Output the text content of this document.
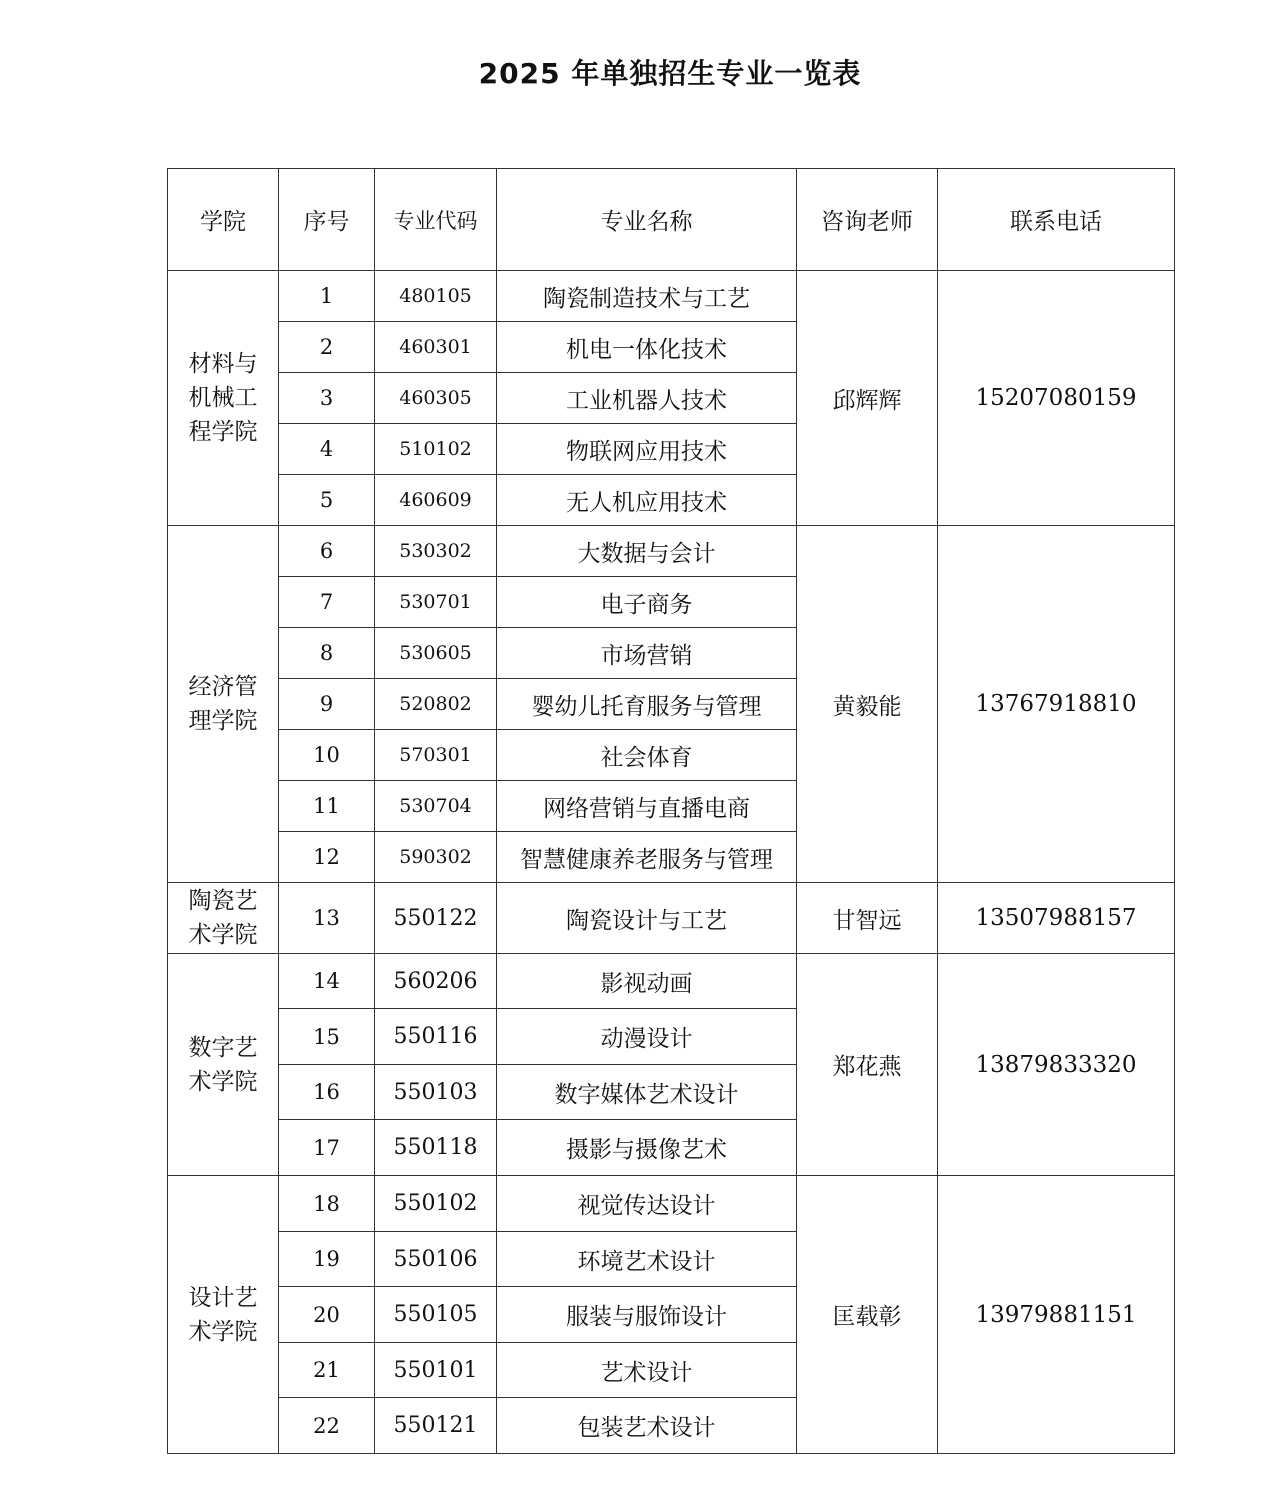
2025 年单独招生专业一览表
学院	序号	专业代码	专业名称	咨询老师	联系电话

材料与
机械工
程学院	1	480105	陶瓷制造技术与工艺	邱辉辉	15207080159
	2	460301	机电一体化技术		
	3	460305	工业机器人技术		
	4	510102	物联网应用技术		
	5	460609	无人机应用技术		

经济管
理学院	6	530302	大数据与会计	黄毅能	13767918810
	7	530701	电子商务		
	8	530605	市场营销		
	9	520802	婴幼儿托育服务与管理		
	10	570301	社会体育		
	11	530704	网络营销与直播电商		
	12	590302	智慧健康养老服务与管理		

陶瓷艺
术学院	13	550122	陶瓷设计与工艺	甘智远	13507988157

数字艺
术学院	14	560206	影视动画	郑花燕	13879833320
	15	550116	动漫设计		
	16	550103	数字媒体艺术设计		
	17	550118	摄影与摄像艺术		

设计艺
术学院	18	550102	视觉传达设计	匡载彰	13979881151
	19	550106	环境艺术设计		
	20	550105	服装与服饰设计		
	21	550101	艺术设计		
	22	550121	包装艺术设计		
